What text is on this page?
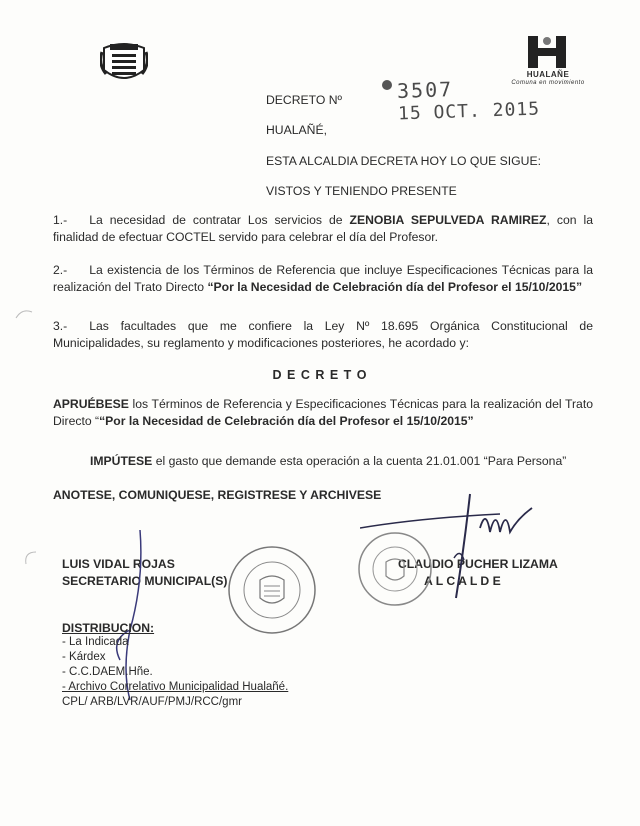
HUALAÑE
Comuna en movimiento
DECRETO Nº	3507
15 OCT. 2015
HUALAÑÉ,
ESTA ALCALDIA DECRETA HOY LO QUE SIGUE:
VISTOS Y TENIENDO PRESENTE
1.- La necesidad de contratar Los servicios de ZENOBIA SEPULVEDA RAMIREZ, con la finalidad de efectuar COCTEL servido para celebrar el día del Profesor.
2.- La existencia de los Términos de Referencia que incluye Especificaciones Técnicas para la realización del Trato Directo “Por la Necesidad de Celebración día del Profesor el 15/10/2015”
3.- Las facultades que me confiere la Ley Nº 18.695 Orgánica Constitucional de Municipalidades, su reglamento y modificaciones posteriores, he acordado y:
D E C R E T O
APRUÉBESE los Términos de Referencia y Especificaciones Técnicas para la realización del Trato Directo ““Por la Necesidad de Celebración día del Profesor el 15/10/2015”
IMPÚTESE el gasto que demande esta operación a la cuenta 21.01.001 “Para Persona”
ANOTESE, COMUNIQUESE, REGISTRESE Y ARCHIVESE
LUIS VIDAL ROJAS
SECRETARIO MUNICIPAL(S)
CLAUDIO PUCHER LIZAMA
A L C A L D E
DISTRIBUCION:
- La Indicada
- Kárdex
- C.C.DAEM.Hñe.
- Archivo Correlativo Municipalidad Hualañé.
CPL/ ARB/LVR/AUF/PMJ/RCC/gmr
